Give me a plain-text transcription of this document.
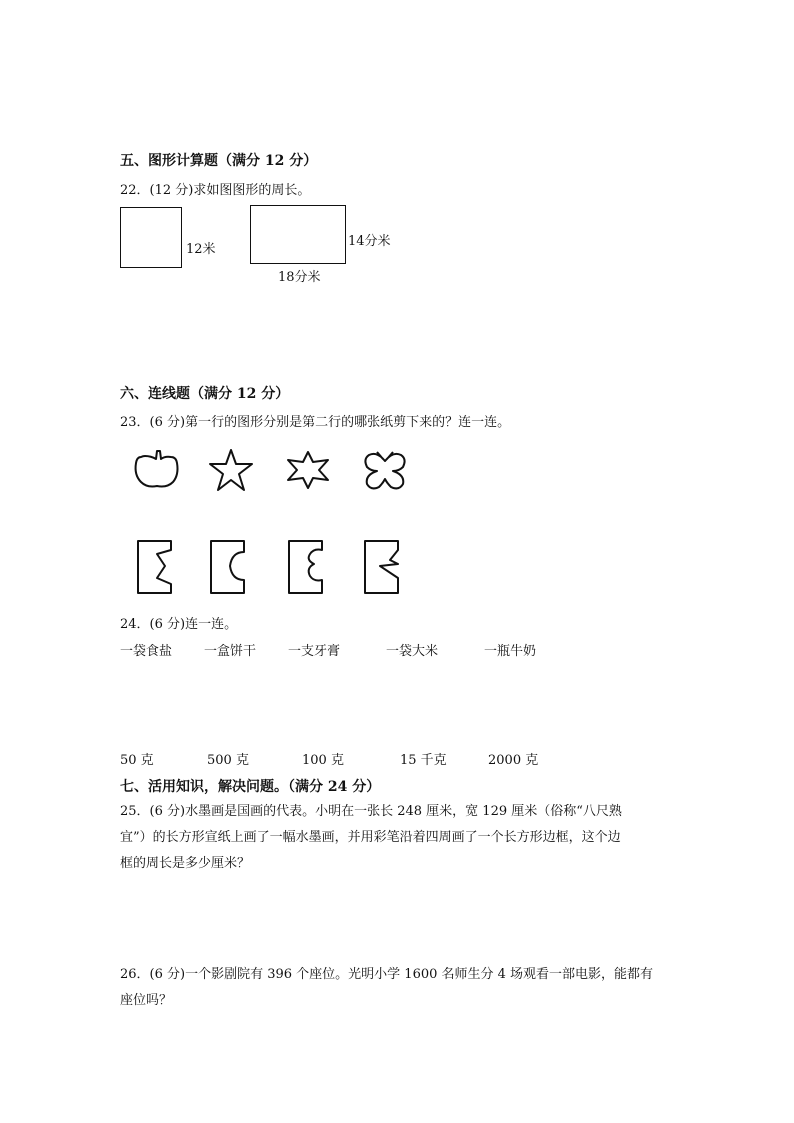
五、图形计算题（满分 12 分）
22．(12 分)求如图图形的周长。
12米
14分米
18分米
六、连线题（满分 12 分）
23．(6 分)第一行的图形分别是第二行的哪张纸剪下来的？连一连。
24．(6 分)连一连。
一袋食盐 一盒饼干 一支牙膏	一袋大米	一瓶牛奶
50 克	500 克	100 克	15 千克	2000 克
七、活用知识，解决问题。（满分 24 分）
25．(6 分)水墨画是国画的代表。小明在一张长 248 厘米，宽 129 厘米（俗称“八尺熟
宜”）的长方形宣纸上画了一幅水墨画，并用彩笔沿着四周画了一个长方形边框，这个边
框的周长是多少厘米？
26．(6 分)一个影剧院有 396 个座位。光明小学 1600 名师生分 4 场观看一部电影，能都有
座位吗？
